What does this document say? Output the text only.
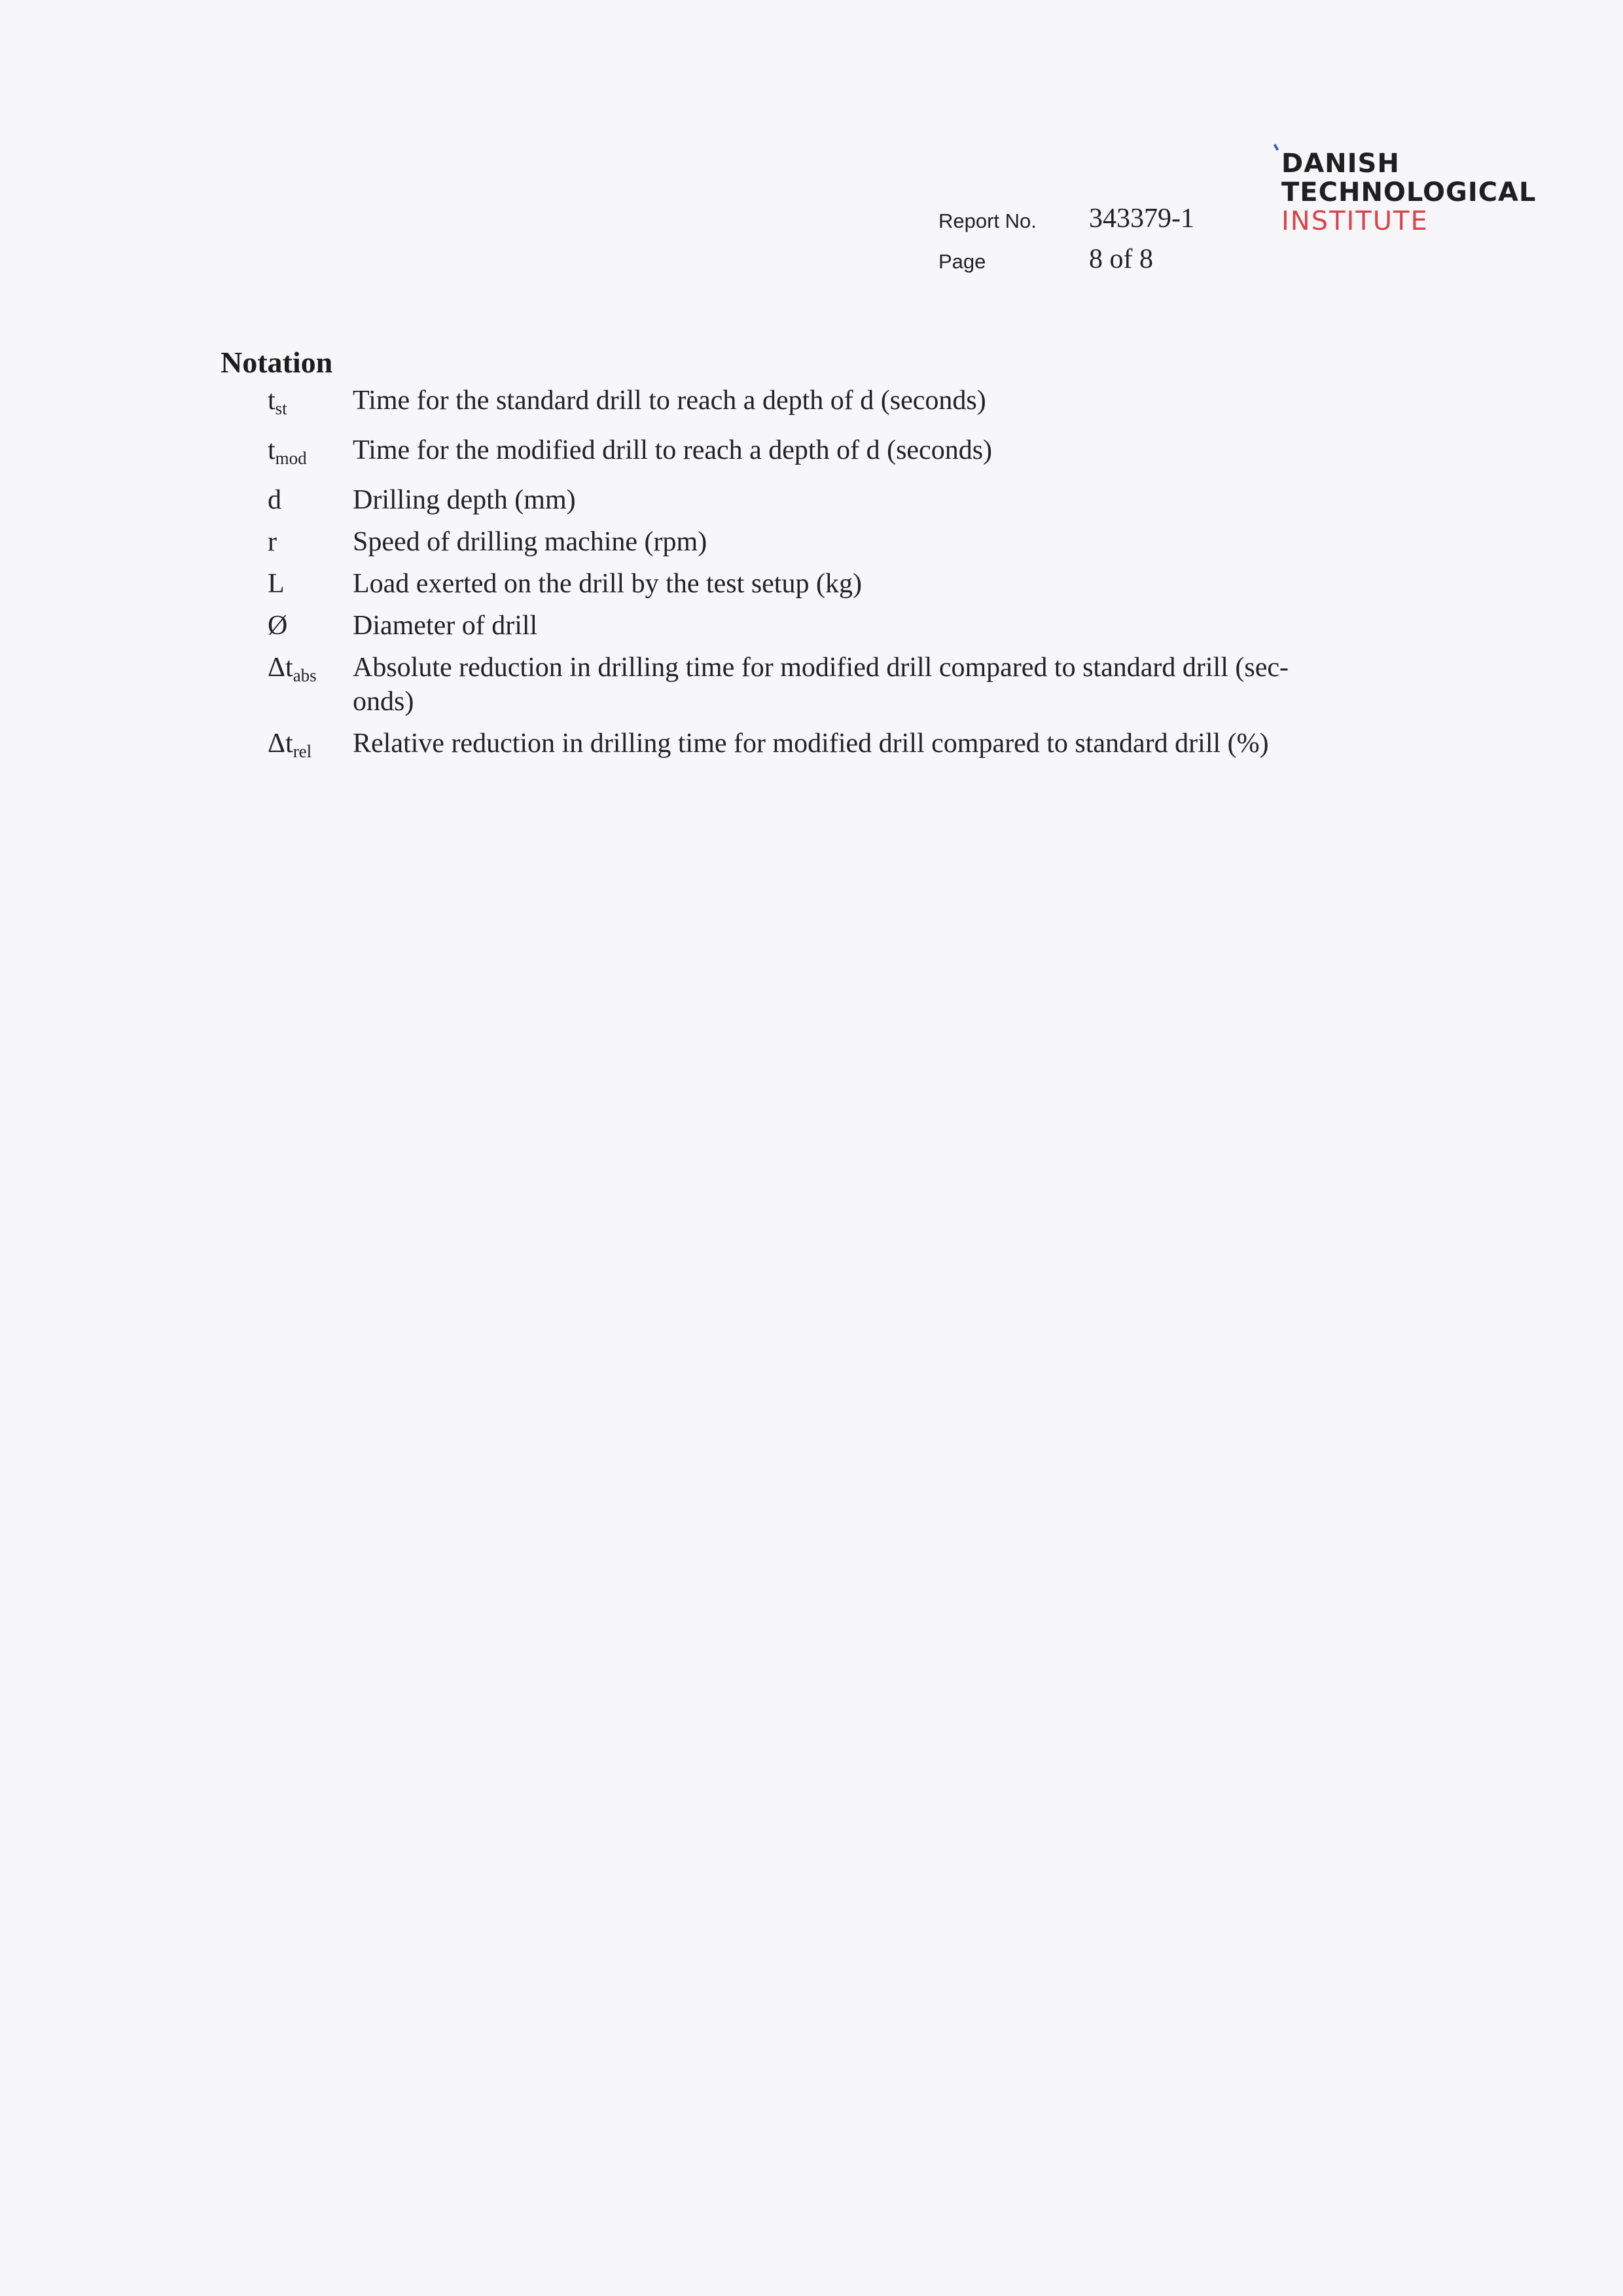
Report No. 343379-1
Page	8 of 8
DANISH
TECHNOLOGICAL
INSTITUTE
Notation
$t_{st}$	Time for the standard drill to reach a depth of d (seconds)
$t_{mod}$	Time for the modified drill to reach a depth of d (seconds)
d	Drilling depth (mm)
r	Speed of drilling machine (rpm)
L	Load exerted on the drill by the test setup (kg)
Ø	Diameter of drill
$\Delta t_{abs}$	Absolute reduction in drilling time for modified drill compared to standard drill (sec-
onds)
$\Delta t_{rel}$	Relative reduction in drilling time for modified drill compared to standard drill (%)
